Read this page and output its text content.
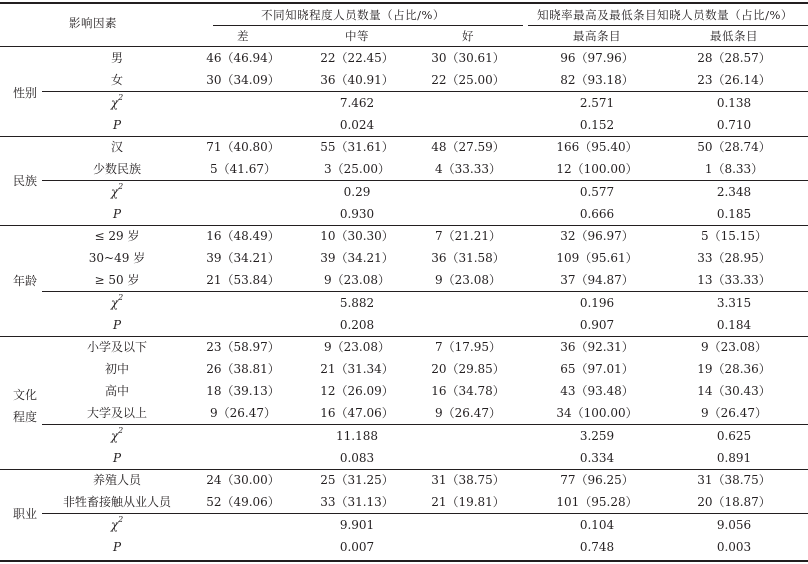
影响因素
不同知晓程度人员数量（占比/%）	知晓率最高及最低条目知晓人员数量（占比/%）
差	中等	好	最高条目	最低条目
性别
男	46（46.94）	22（22.45）	30（30.61）	96（97.96）	28（28.57）
女	30（34.09）	36（40.91）	22（25.00）	82（93.18）	23（26.14）
$\chi^2$	7.462	2.571	0.138
P	0.024	0.152	0.710
民族
汉	71（40.80）	55（31.61）	48（27.59）	166（95.40）	50（28.74）
少数民族	5（41.67）	3（25.00）	4（33.33）	12（100.00）	1（8.33）
$\chi^2$	0.29	0.577	2.348
P	0.930	0.666	0.185
年龄
≤ 29 岁	16（48.49）	10（30.30）	7（21.21）	32（96.97）	5（15.15）
30~49 岁	39（34.21）	39（34.21）	36（31.58）	109（95.61）	33（28.95）
≥ 50 岁	21（53.84）	9（23.08）	9（23.08）	37（94.87）	13（33.33）
$\chi^2$	5.882	0.196	3.315
P	0.208	0.907	0.184
文化程度
小学及以下	23（58.97）	9（23.08）	7（17.95）	36（92.31）	9（23.08）
初中	26（38.81）	21（31.34）	20（29.85）	65（97.01）	19（28.36）
高中	18（39.13）	12（26.09）	16（34.78）	43（93.48）	14（30.43）
大学及以上	9（26.47）	16（47.06）	9（26.47）	34（100.00）	9（26.47）
$\chi^2$	11.188	3.259	0.625
P	0.083	0.334	0.891
职业
养殖人员	24（30.00）	25（31.25）	31（38.75）	77（96.25）	31（38.75）
非牲畜接触从业人员	52（49.06）	33（31.13）	21（19.81）	101（95.28）	20（18.87）
$\chi^2$	9.901	0.104	9.056
P	0.007	0.748	0.003
